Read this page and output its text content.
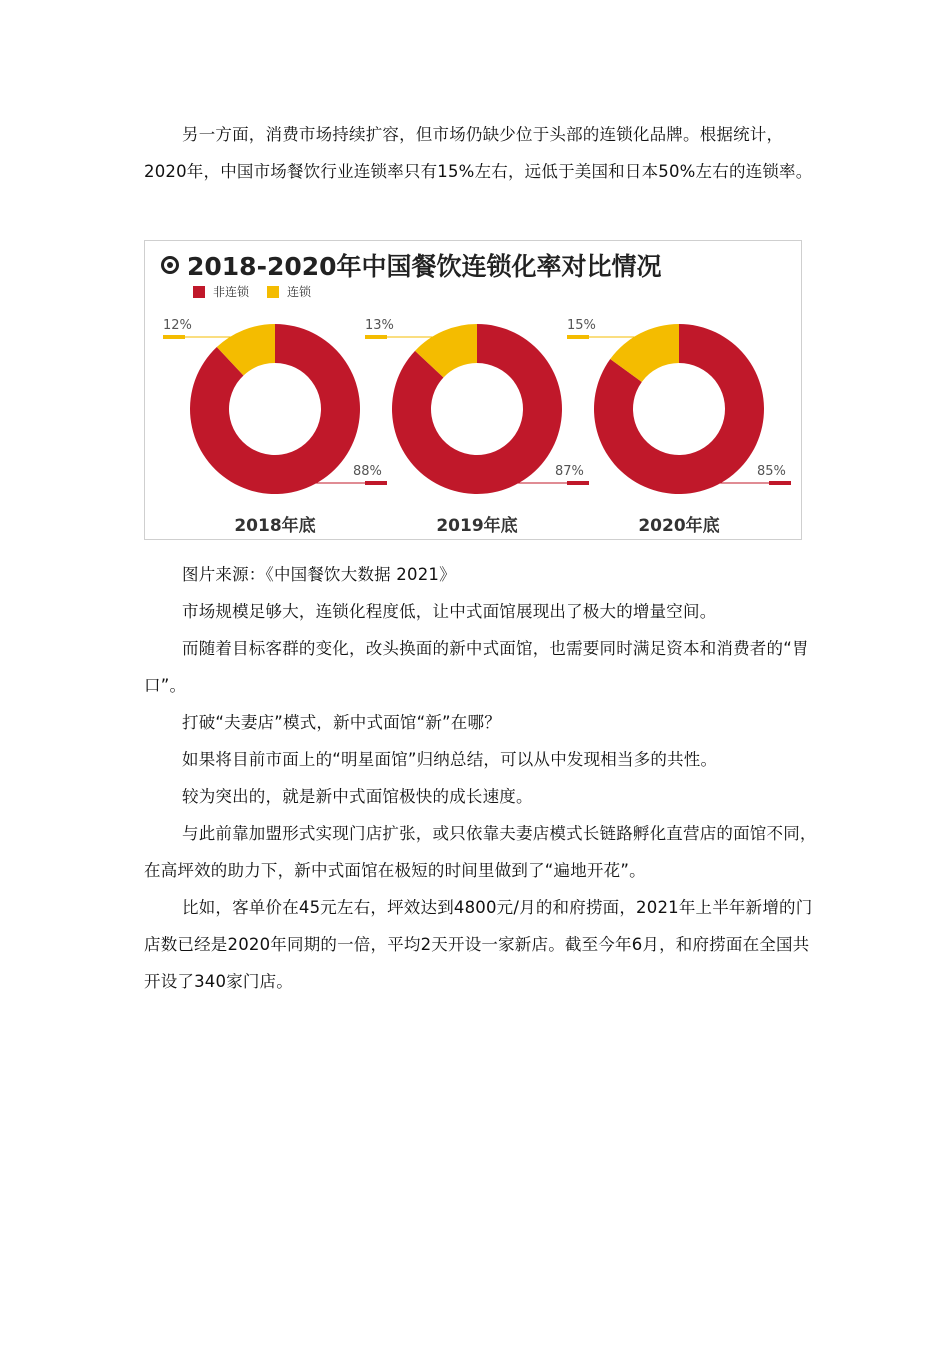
另一方面，消费市场持续扩容，但市场仍缺少位于头部的连锁化品牌。根据统计，2020年，中国市场餐饮行业连锁率只有15%左右，远低于美国和日本50%左右的连锁率。

2018-2020年中国餐饮连锁化率对比情况
非连锁	连锁
12%
88%
2018年底
13%
87%
2019年底
15%
85%
2020年底

图片来源：《中国餐饮大数据 2021》

市场规模足够大，连锁化程度低，让中式面馆展现出了极大的增量空间。

而随着目标客群的变化，改头换面的新中式面馆，也需要同时满足资本和消费者的“胃口”。

打破“夫妻店”模式，新中式面馆“新”在哪？

如果将目前市面上的“明星面馆”归纳总结，可以从中发现相当多的共性。

较为突出的，就是新中式面馆极快的成长速度。

与此前靠加盟形式实现门店扩张，或只依靠夫妻店模式长链路孵化直营店的面馆不同，在高坪效的助力下，新中式面馆在极短的时间里做到了“遍地开花”。

比如，客单价在45元左右，坪效达到4800元/月的和府捞面，2021年上半年新增的门店数已经是2020年同期的一倍，平均2天开设一家新店。截至今年6月，和府捞面在全国共开设了340家门店。
